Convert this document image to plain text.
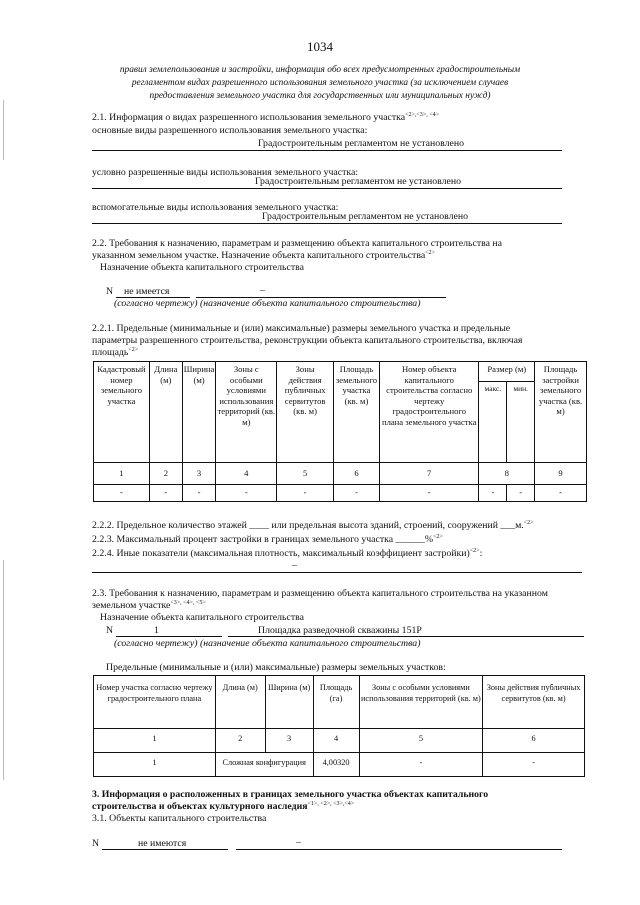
1034
правил землепользования и застройки, информация обо всех предусмотренных градостроительным
регламентом видах разрешенного использования земельного участка (за исключением случаев
предоставления земельного участка для государственных или муниципальных нужд)
2.1. Информация о видах разрешенного использования земельного участка$^{<2>,<3>, <4>}$
основные виды разрешенного использования земельного участка:
Градостроительным регламентом не установлено
условно разрешенные виды использования земельного участка:
Градостроительным регламентом не установлено
вспомогательные виды использования земельного участка:
Градостроительным регламентом не установлено
2.2. Требования к назначению, параметрам и размещению объекта капитального строительства на
указанном земельном участке. Назначение объекта капитального строительства$^{<2>}$
Назначение объекта капитального строительства
N не имеется	–
(согласно чертежу) (назначение объекта капитального строительства)
2.2.1. Предельные (минимальные и (или) максимальные) размеры земельного участка и предельные
параметры разрешенного строительства, реконструкции объекта капитального строительства, включая
площадь$^{<2>}$
Кадастровый номер земельного участка	Длина (м)	Ширина (м)	Зоны с особыми условиями использования территорий (кв. м)	Зоны действия публичных сервитутов (кв. м)	Площадь земельного участка (кв. м)	Номер объекта капитального строительства согласно чертежу градостроительного плана земельного участка	Размер (м)		Площадь застройки земельного участка (кв. м)
							макс.	мин.	
1	2	3	4	5	6	7	8		9
-	-	-	-	-	-	-	-	-	-
2.2.2. Предельное количество этажей ____ или предельная высота зданий, строений, сооружений ___м.$^{<2>}$
2.2.3. Максимальный процент застройки в границах земельного участка ______%$^{<2>}$
2.2.4. Иные показатели (максимальная плотность, максимальный коэффициент застройки)$^{<2>}$:
–
2.3. Требования к назначению, параметрам и размещению объекта капитального строительства на указанном
земельном участке$^{<3>, <4>, <5>}$
Назначение объекта капитального строительства
N	1	Площадка разведочной скважины 151Р
(согласно чертежу) (назначение объекта капитального строительства)
Предельные (минимальные и (или) максимальные) размеры земельных участков:
Номер участка согласно чертежу градостроительного плана	Длина (м)	Ширина (м)	Площадь (га)	Зоны с особыми условиями использования территорий (кв. м)	Зоны действия публичных сервитутов (кв. м)
1	2	3	4	5	6
1	Сложная конфигурация		4,00320	-	-
3. Информация о расположенных в границах земельного участка объектах капитального
строительства и объектах культурного наследия$^{<1>, <2>, <3>,<4>}$
3.1. Объекты капитального строительства
N	не имеются	–
